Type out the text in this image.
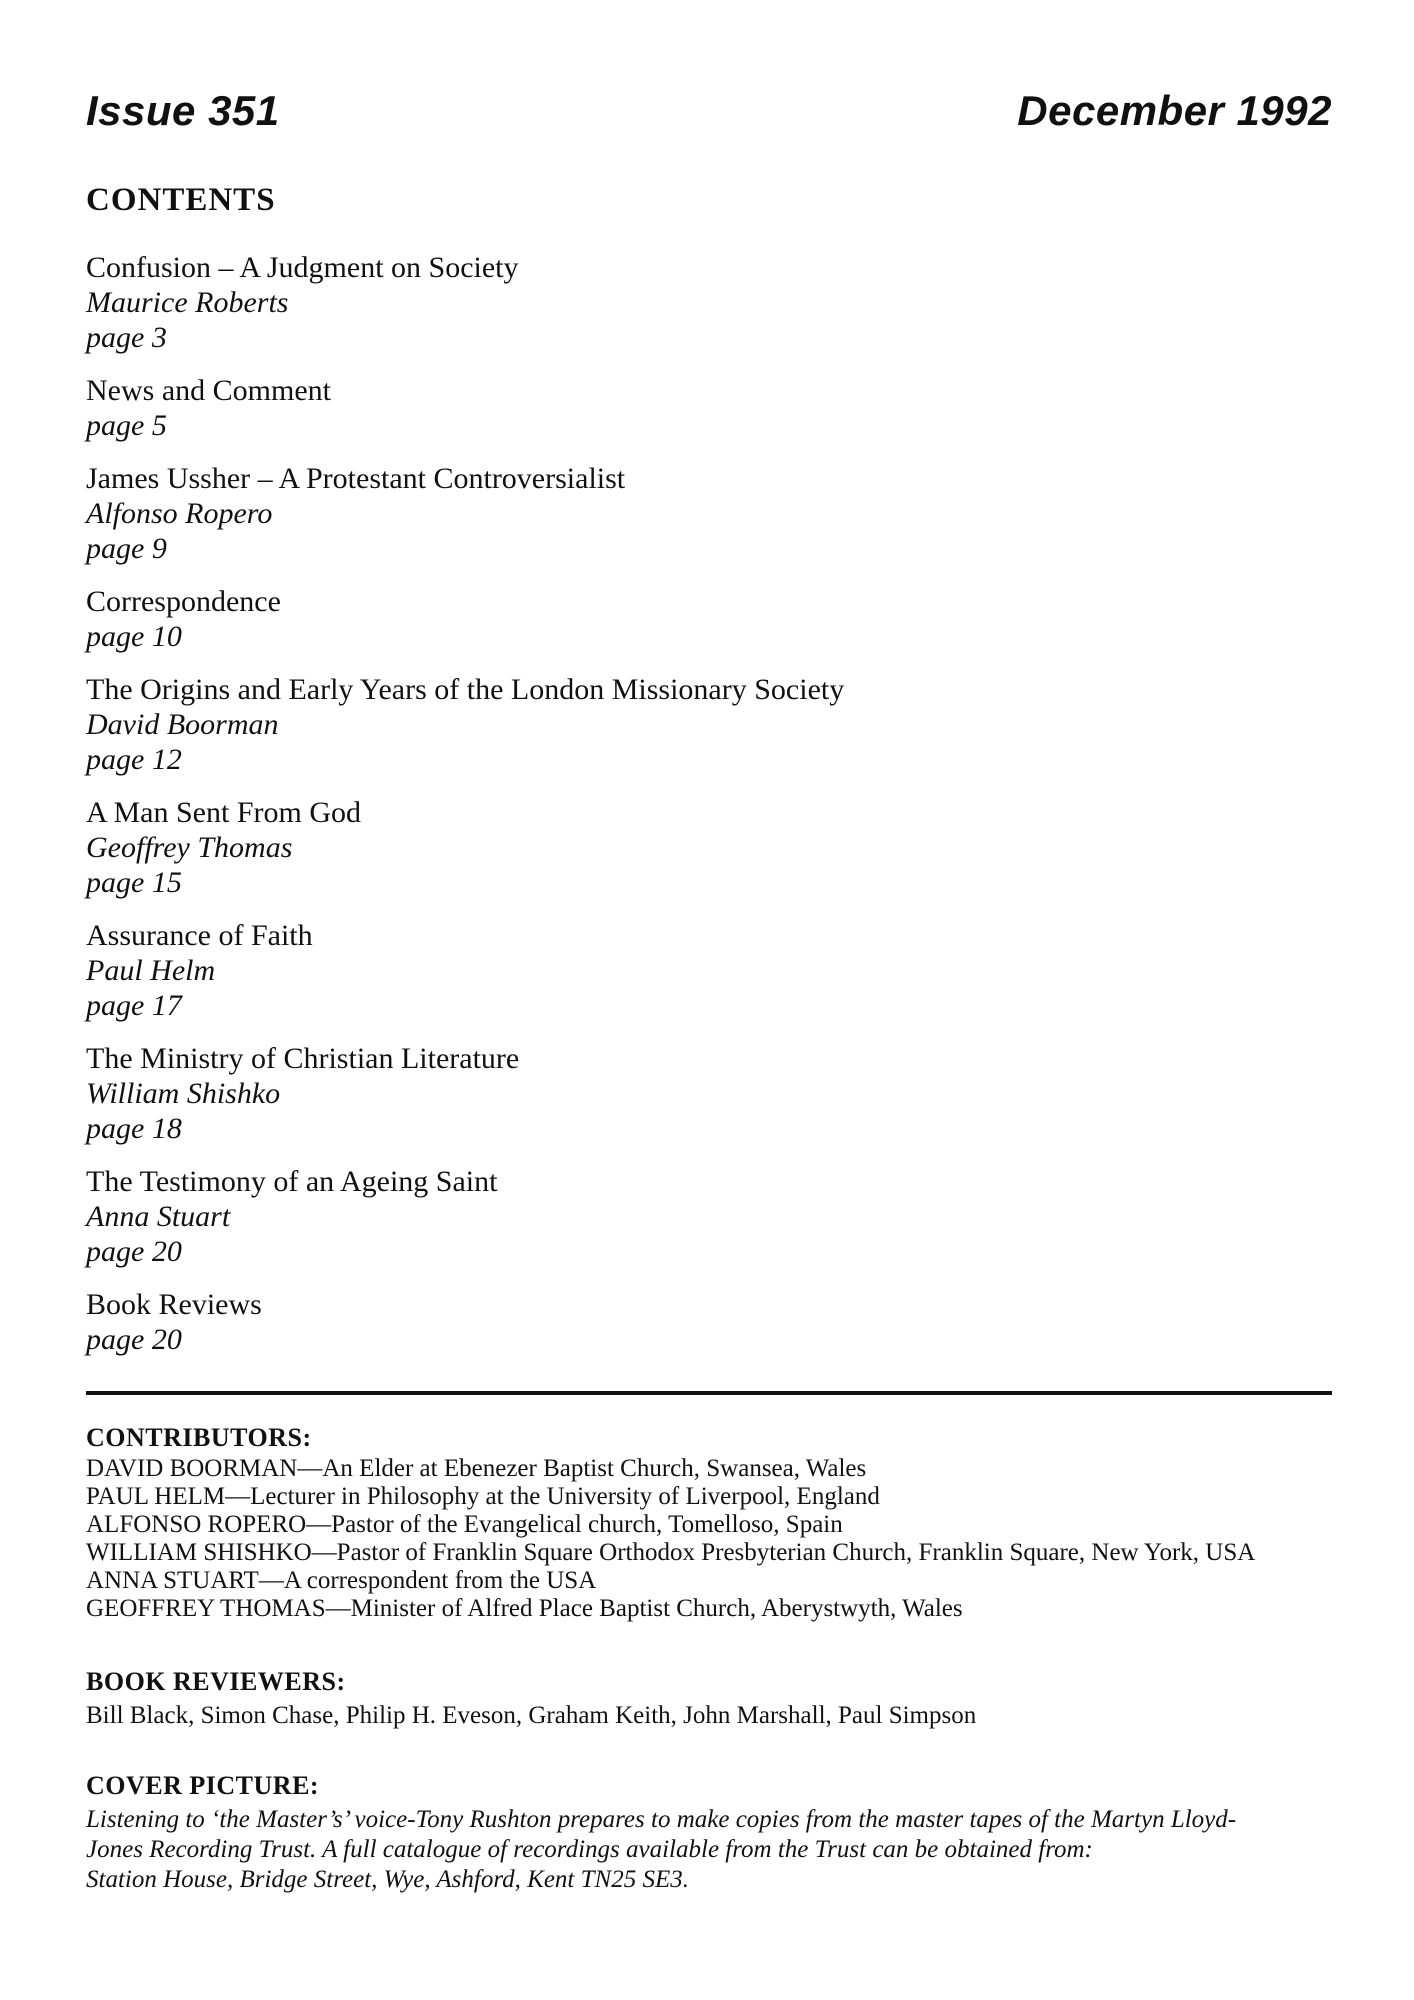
Issue 351	December 1992
CONTENTS
Confusion – A Judgment on Society
Maurice Roberts
page 3
News and Comment
page 5
James Ussher – A Protestant Controversialist
Alfonso Ropero
page 9
Correspondence
page 10
The Origins and Early Years of the London Missionary Society
David Boorman
page 12
A Man Sent From God
Geoffrey Thomas
page 15
Assurance of Faith
Paul Helm
page 17
The Ministry of Christian Literature
William Shishko
page 18
The Testimony of an Ageing Saint
Anna Stuart
page 20
Book Reviews
page 20
CONTRIBUTORS:
DAVID BOORMAN—An Elder at Ebenezer Baptist Church, Swansea, Wales
PAUL HELM—Lecturer in Philosophy at the University of Liverpool, England
ALFONSO ROPERO—Pastor of the Evangelical church, Tomelloso, Spain
WILLIAM SHISHKO—Pastor of Franklin Square Orthodox Presbyterian Church, Franklin Square, New York, USA
ANNA STUART—A correspondent from the USA
GEOFFREY THOMAS—Minister of Alfred Place Baptist Church, Aberystwyth, Wales
BOOK REVIEWERS:
Bill Black, Simon Chase, Philip H. Eveson, Graham Keith, John Marshall, Paul Simpson
COVER PICTURE:
Listening to ‘the Master’s’ voice-Tony Rushton prepares to make copies from the master tapes of the Martyn Lloyd-
Jones Recording Trust. A full catalogue of recordings available from the Trust can be obtained from:
Station House, Bridge Street, Wye, Ashford, Kent TN25 SE3.
